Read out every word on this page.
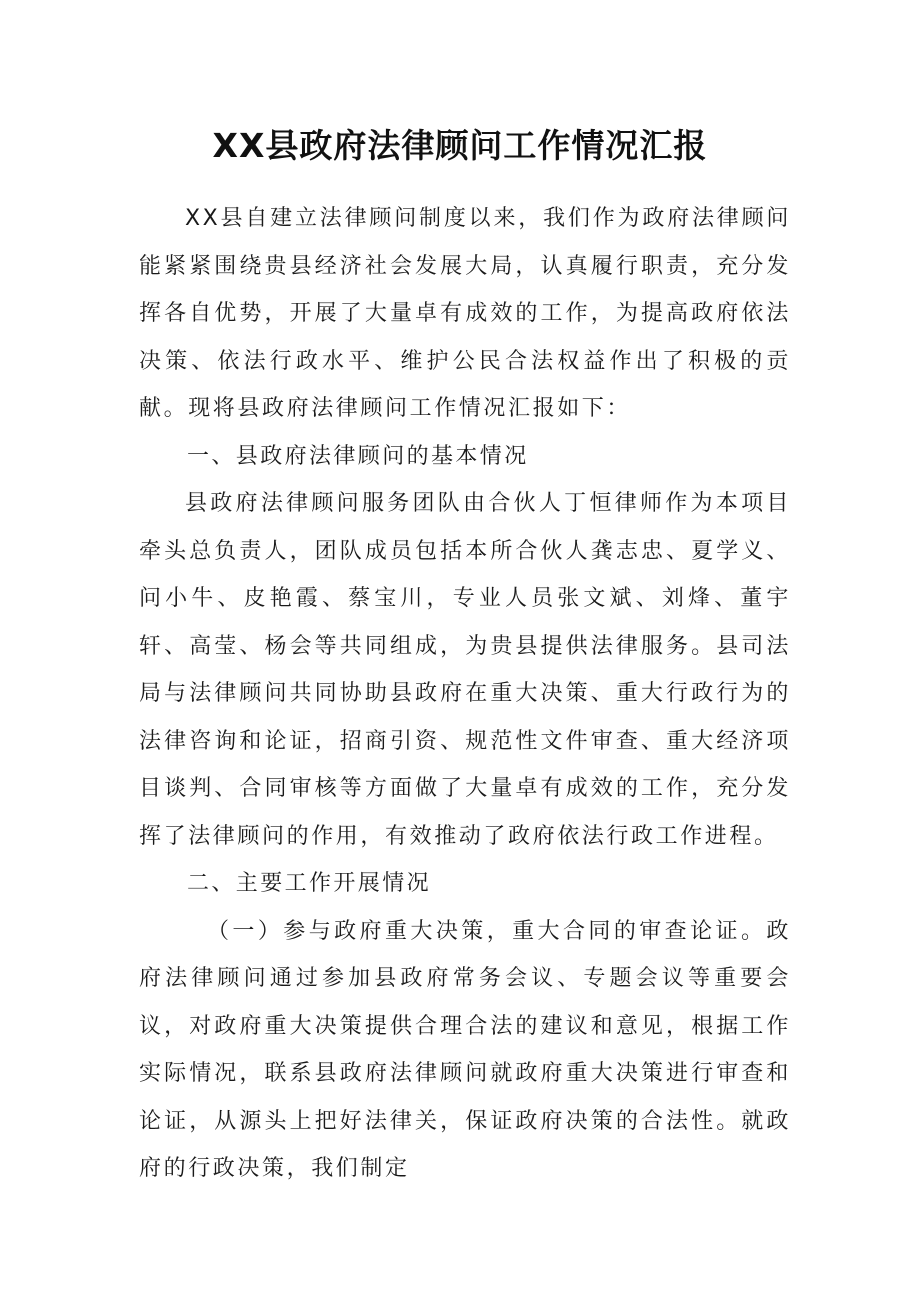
XX县政府法律顾问工作情况汇报

XX县自建立法律顾问制度以来，我们作为政府法律顾问能紧紧围绕贵县经济社会发展大局，认真履行职责，充分发挥各自优势，开展了大量卓有成效的工作，为提高政府依法决策、依法行政水平、维护公民合法权益作出了积极的贡献。现将县政府法律顾问工作情况汇报如下：

一、县政府法律顾问的基本情况

县政府法律顾问服务团队由合伙人丁恒律师作为本项目牵头总负责人，团队成员包括本所合伙人龚志忠、夏学义、问小牛、皮艳霞、蔡宝川，专业人员张文斌、刘烽、董宇轩、高莹、杨会等共同组成，为贵县提供法律服务。县司法局与法律顾问共同协助县政府在重大决策、重大行政行为的法律咨询和论证，招商引资、规范性文件审查、重大经济项目谈判、合同审核等方面做了大量卓有成效的工作，充分发挥了法律顾问的作用，有效推动了政府依法行政工作进程。

二、主要工作开展情况

（一）参与政府重大决策，重大合同的审查论证。政府法律顾问通过参加县政府常务会议、专题会议等重要会议，对政府重大决策提供合理合法的建议和意见，根据工作实际情况，联系县政府法律顾问就政府重大决策进行审查和论证，从源头上把好法律关，保证政府决策的合法性。就政府的行政决策，我们制定
